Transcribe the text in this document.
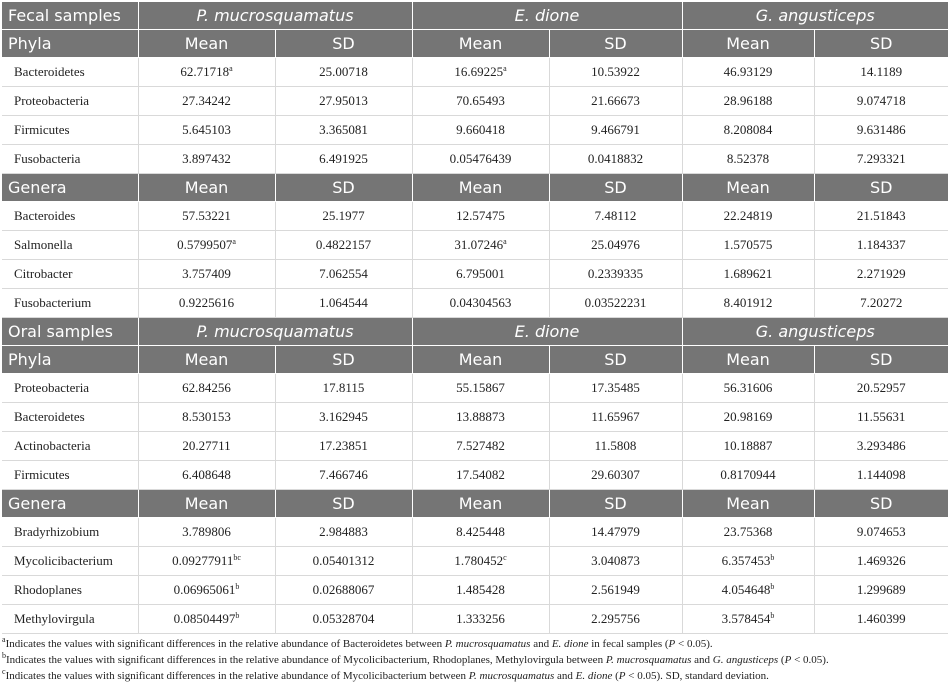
Fecal samples	P. mucrosquamatus		E. dione		G. angusticeps	
Phyla	Mean	SD	Mean	SD	Mean	SD
Bacteroidetes	62.71718$^a$	25.00718	16.69225$^a$	10.53922	46.93129	14.1189
Proteobacteria	27.34242	27.95013	70.65493	21.66673	28.96188	9.074718
Firmicutes	5.645103	3.365081	9.660418	9.466791	8.208084	9.631486
Fusobacteria	3.897432	6.491925	0.05476439	0.0418832	8.52378	7.293321
Genera	Mean	SD	Mean	SD	Mean	SD
Bacteroides	57.53221	25.1977	12.57475	7.48112	22.24819	21.51843
Salmonella	0.5799507$^a$	0.4822157	31.07246$^a$	25.04976	1.570575	1.184337
Citrobacter	3.757409	7.062554	6.795001	0.2339335	1.689621	2.271929
Fusobacterium	0.9225616	1.064544	0.04304563	0.03522231	8.401912	7.20272
Oral samples	P. mucrosquamatus		E. dione		G. angusticeps	
Phyla	Mean	SD	Mean	SD	Mean	SD
Proteobacteria	62.84256	17.8115	55.15867	17.35485	56.31606	20.52957
Bacteroidetes	8.530153	3.162945	13.88873	11.65967	20.98169	11.55631
Actinobacteria	20.27711	17.23851	7.527482	11.5808	10.18887	3.293486
Firmicutes	6.408648	7.466746	17.54082	29.60307	0.8170944	1.144098
Genera	Mean	SD	Mean	SD	Mean	SD
Bradyrhizobium	3.789806	2.984883	8.425448	14.47979	23.75368	9.074653
Mycolicibacterium	0.09277911$^{bc}$	0.05401312	1.780452$^c$	3.040873	6.357453$^b$	1.469326
Rhodoplanes	0.06965061$^b$	0.02688067	1.485428	2.561949	4.054648$^b$	1.299689
Methylovirgula	0.08504497$^b$	0.05328704	1.333256	2.295756	3.578454$^b$	1.460399
$^a$Indicates the values with significant differences in the relative abundance of Bacteroidetes between P. mucrosquamatus and E. dione in fecal samples (P < 0.05).
$^b$Indicates the values with significant differences in the relative abundance of Mycolicibacterium, Rhodoplanes, Methylovirgula between P. mucrosquamatus and G. angusticeps (P < 0.05).
$^c$Indicates the values with significant differences in the relative abundance of Mycolicibacterium between P. mucrosquamatus and E. dione (P < 0.05). SD, standard deviation.
